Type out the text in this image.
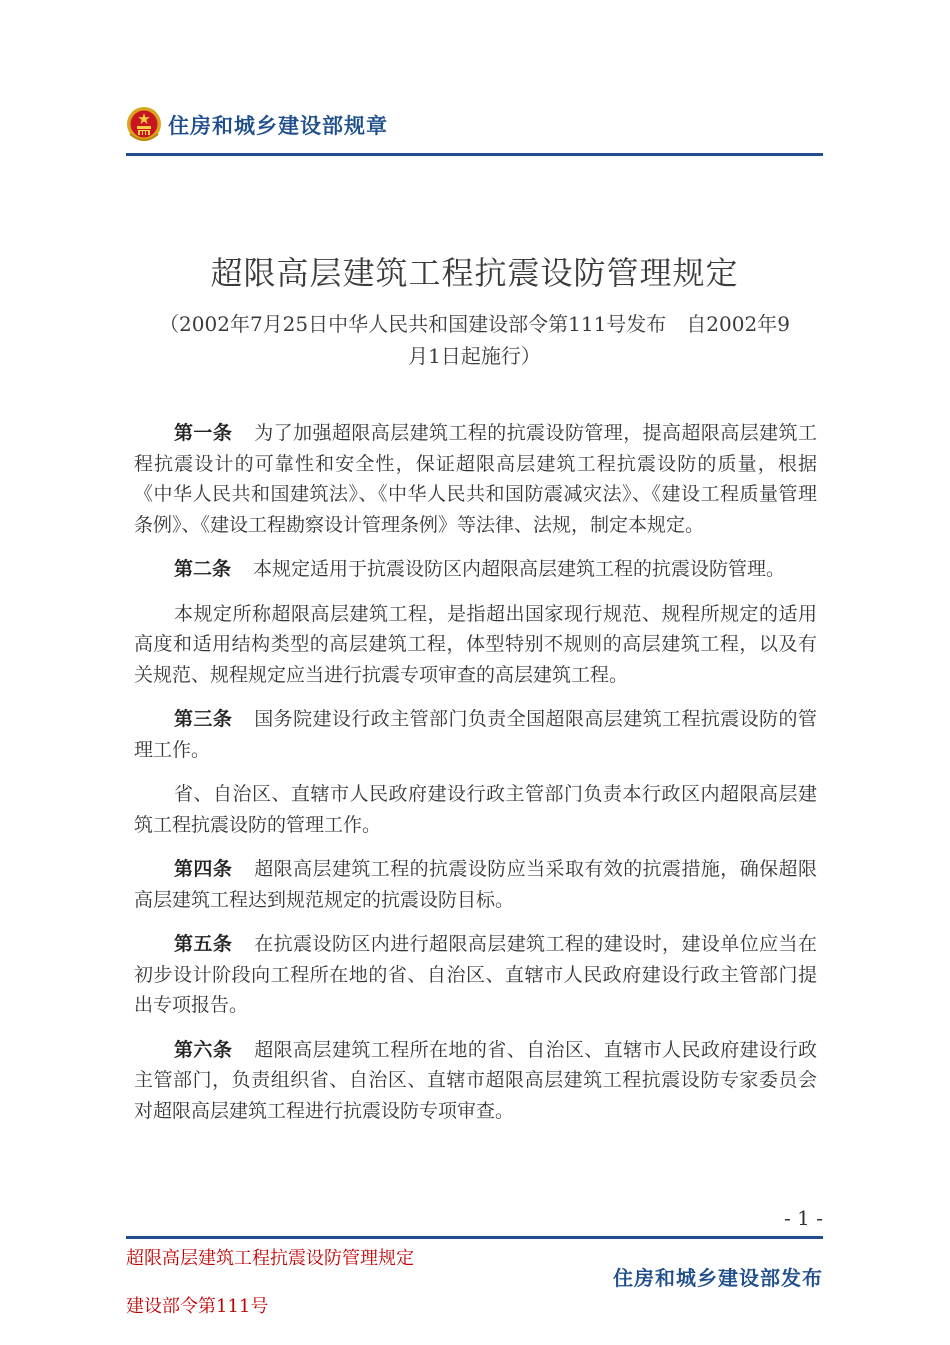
住房和城乡建设部规章
超限高层建筑工程抗震设防管理规定
（2002年7月25日中华人民共和国建设部令第111号发布　自2002年9
月1日起施行）

第一条 为了加强超限高层建筑工程的抗震设防管理，提高超限高层建筑工程抗震设计的可靠性和安全性，保证超限高层建筑工程抗震设防的质量，根据《中华人民共和国建筑法》、《中华人民共和国防震减灾法》、《建设工程质量管理条例》、《建设工程勘察设计管理条例》等法律、法规，制定本规定。

第二条 本规定适用于抗震设防区内超限高层建筑工程的抗震设防管理。

本规定所称超限高层建筑工程，是指超出国家现行规范、规程所规定的适用高度和适用结构类型的高层建筑工程，体型特别不规则的高层建筑工程，以及有关规范、规程规定应当进行抗震专项审查的高层建筑工程。

第三条 国务院建设行政主管部门负责全国超限高层建筑工程抗震设防的管理工作。

省、自治区、直辖市人民政府建设行政主管部门负责本行政区内超限高层建筑工程抗震设防的管理工作。

第四条 超限高层建筑工程的抗震设防应当采取有效的抗震措施，确保超限高层建筑工程达到规范规定的抗震设防目标。

第五条 在抗震设防区内进行超限高层建筑工程的建设时，建设单位应当在初步设计阶段向工程所在地的省、自治区、直辖市人民政府建设行政主管部门提出专项报告。

第六条 超限高层建筑工程所在地的省、自治区、直辖市人民政府建设行政主管部门，负责组织省、自治区、直辖市超限高层建筑工程抗震设防专家委员会对超限高层建筑工程进行抗震设防专项审查。

- 1 -
超限高层建筑工程抗震设防管理规定
建设部令第111号
住房和城乡建设部发布
